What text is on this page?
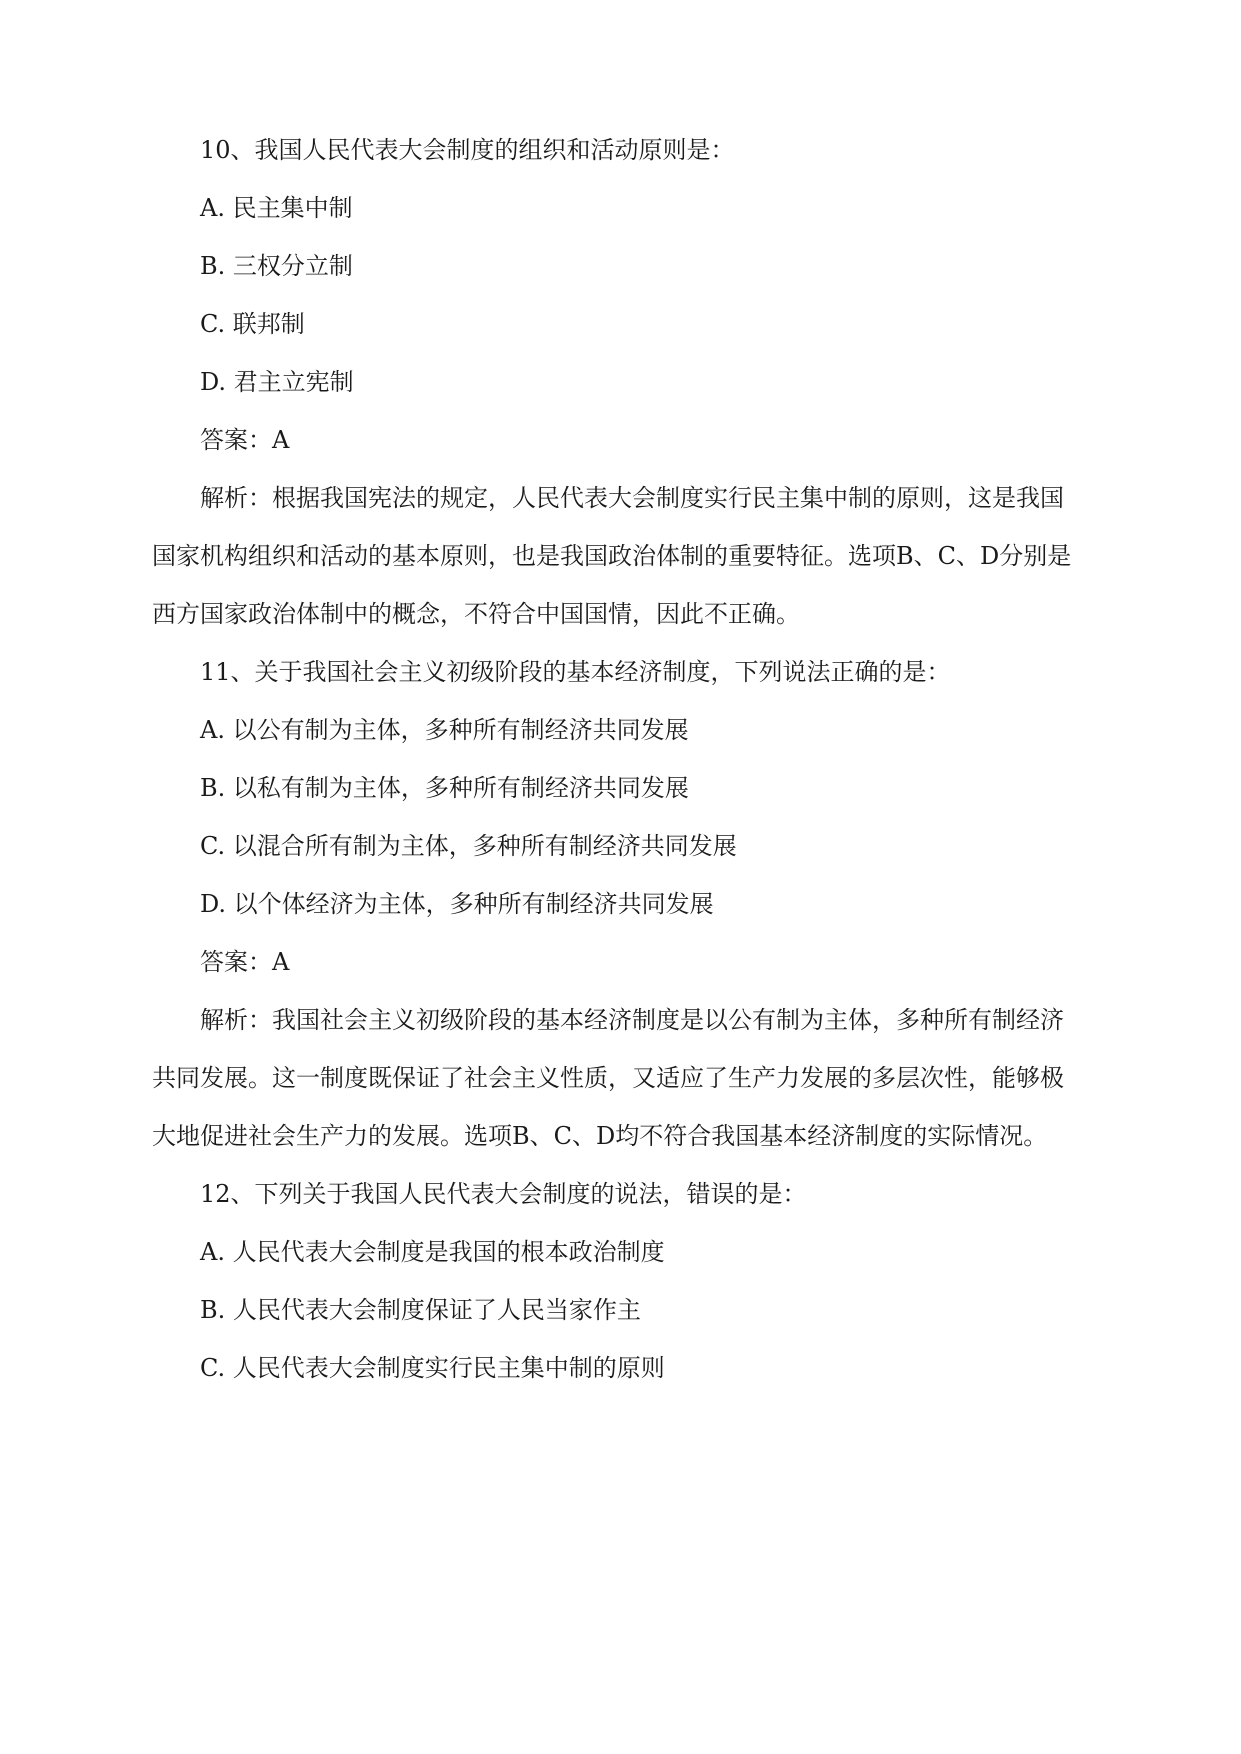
10、我国人民代表大会制度的组织和活动原则是：
A. 民主集中制
B. 三权分立制
C. 联邦制
D. 君主立宪制
答案：A
解析：根据我国宪法的规定，人民代表大会制度实行民主集中制的原则，这是我国
国家机构组织和活动的基本原则，也是我国政治体制的重要特征。选项B、C、D分别是
西方国家政治体制中的概念，不符合中国国情，因此不正确。
11、关于我国社会主义初级阶段的基本经济制度，下列说法正确的是：
A. 以公有制为主体，多种所有制经济共同发展
B. 以私有制为主体，多种所有制经济共同发展
C. 以混合所有制为主体，多种所有制经济共同发展
D. 以个体经济为主体，多种所有制经济共同发展
答案：A
解析：我国社会主义初级阶段的基本经济制度是以公有制为主体，多种所有制经济
共同发展。这一制度既保证了社会主义性质，又适应了生产力发展的多层次性，能够极
大地促进社会生产力的发展。选项B、C、D均不符合我国基本经济制度的实际情况。
12、下列关于我国人民代表大会制度的说法，错误的是：
A. 人民代表大会制度是我国的根本政治制度
B. 人民代表大会制度保证了人民当家作主
C. 人民代表大会制度实行民主集中制的原则
